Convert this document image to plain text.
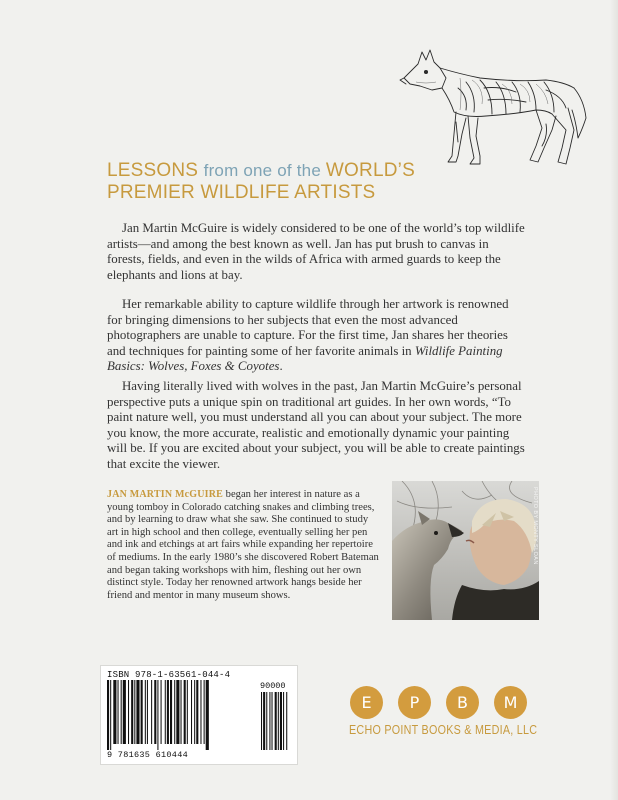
LESSONS from one of the WORLD’S
PREMIER WILDLIFE ARTISTS

Jan Martin McGuire is widely considered to be one of the world’s top wildlife artists—and among the best known as well. Jan has put brush to canvas in forests, fields, and even in the wilds of Africa with armed guards to keep the elephants and lions at bay.

Her remarkable ability to capture wildlife through her artwork is renowned for bringing dimensions to her subjects that even the most advanced photographers are unable to capture. For the first time, Jan shares her theories and techniques for painting some of her favorite animals in Wildlife Painting Basics: Wolves, Foxes & Coyotes.

Having literally lived with wolves in the past, Jan Martin McGuire’s personal perspective puts a unique spin on traditional art guides. In her own words, “To paint nature well, you must understand all you can about your subject. The more you know, the more accurate, realistic and emotionally dynamic your painting will be. If you are excited about your subject, you will be able to create paintings that excite the viewer.

JAN MARTIN McGUIRE began her interest in nature as a young tomboy in Colorado catching snakes and climbing trees, and by learning to draw what she saw. She continued to study art in high school and then college, eventually selling her pen and ink and etchings at art fairs while expanding her repertoire of mediums. In the early 1980’s she discovered Robert Bateman and began taking workshops with him, fleshing out her own distinct style. Today her renowned artwork hangs beside her friend and mentor in many museum shows.

PHOTO BY MONTY SLOAN
ISBN 978-1-63561-044-4
90000
9 781635 610444
E	P	B	M
ECHO POINT BOOKS & MEDIA, LLC
